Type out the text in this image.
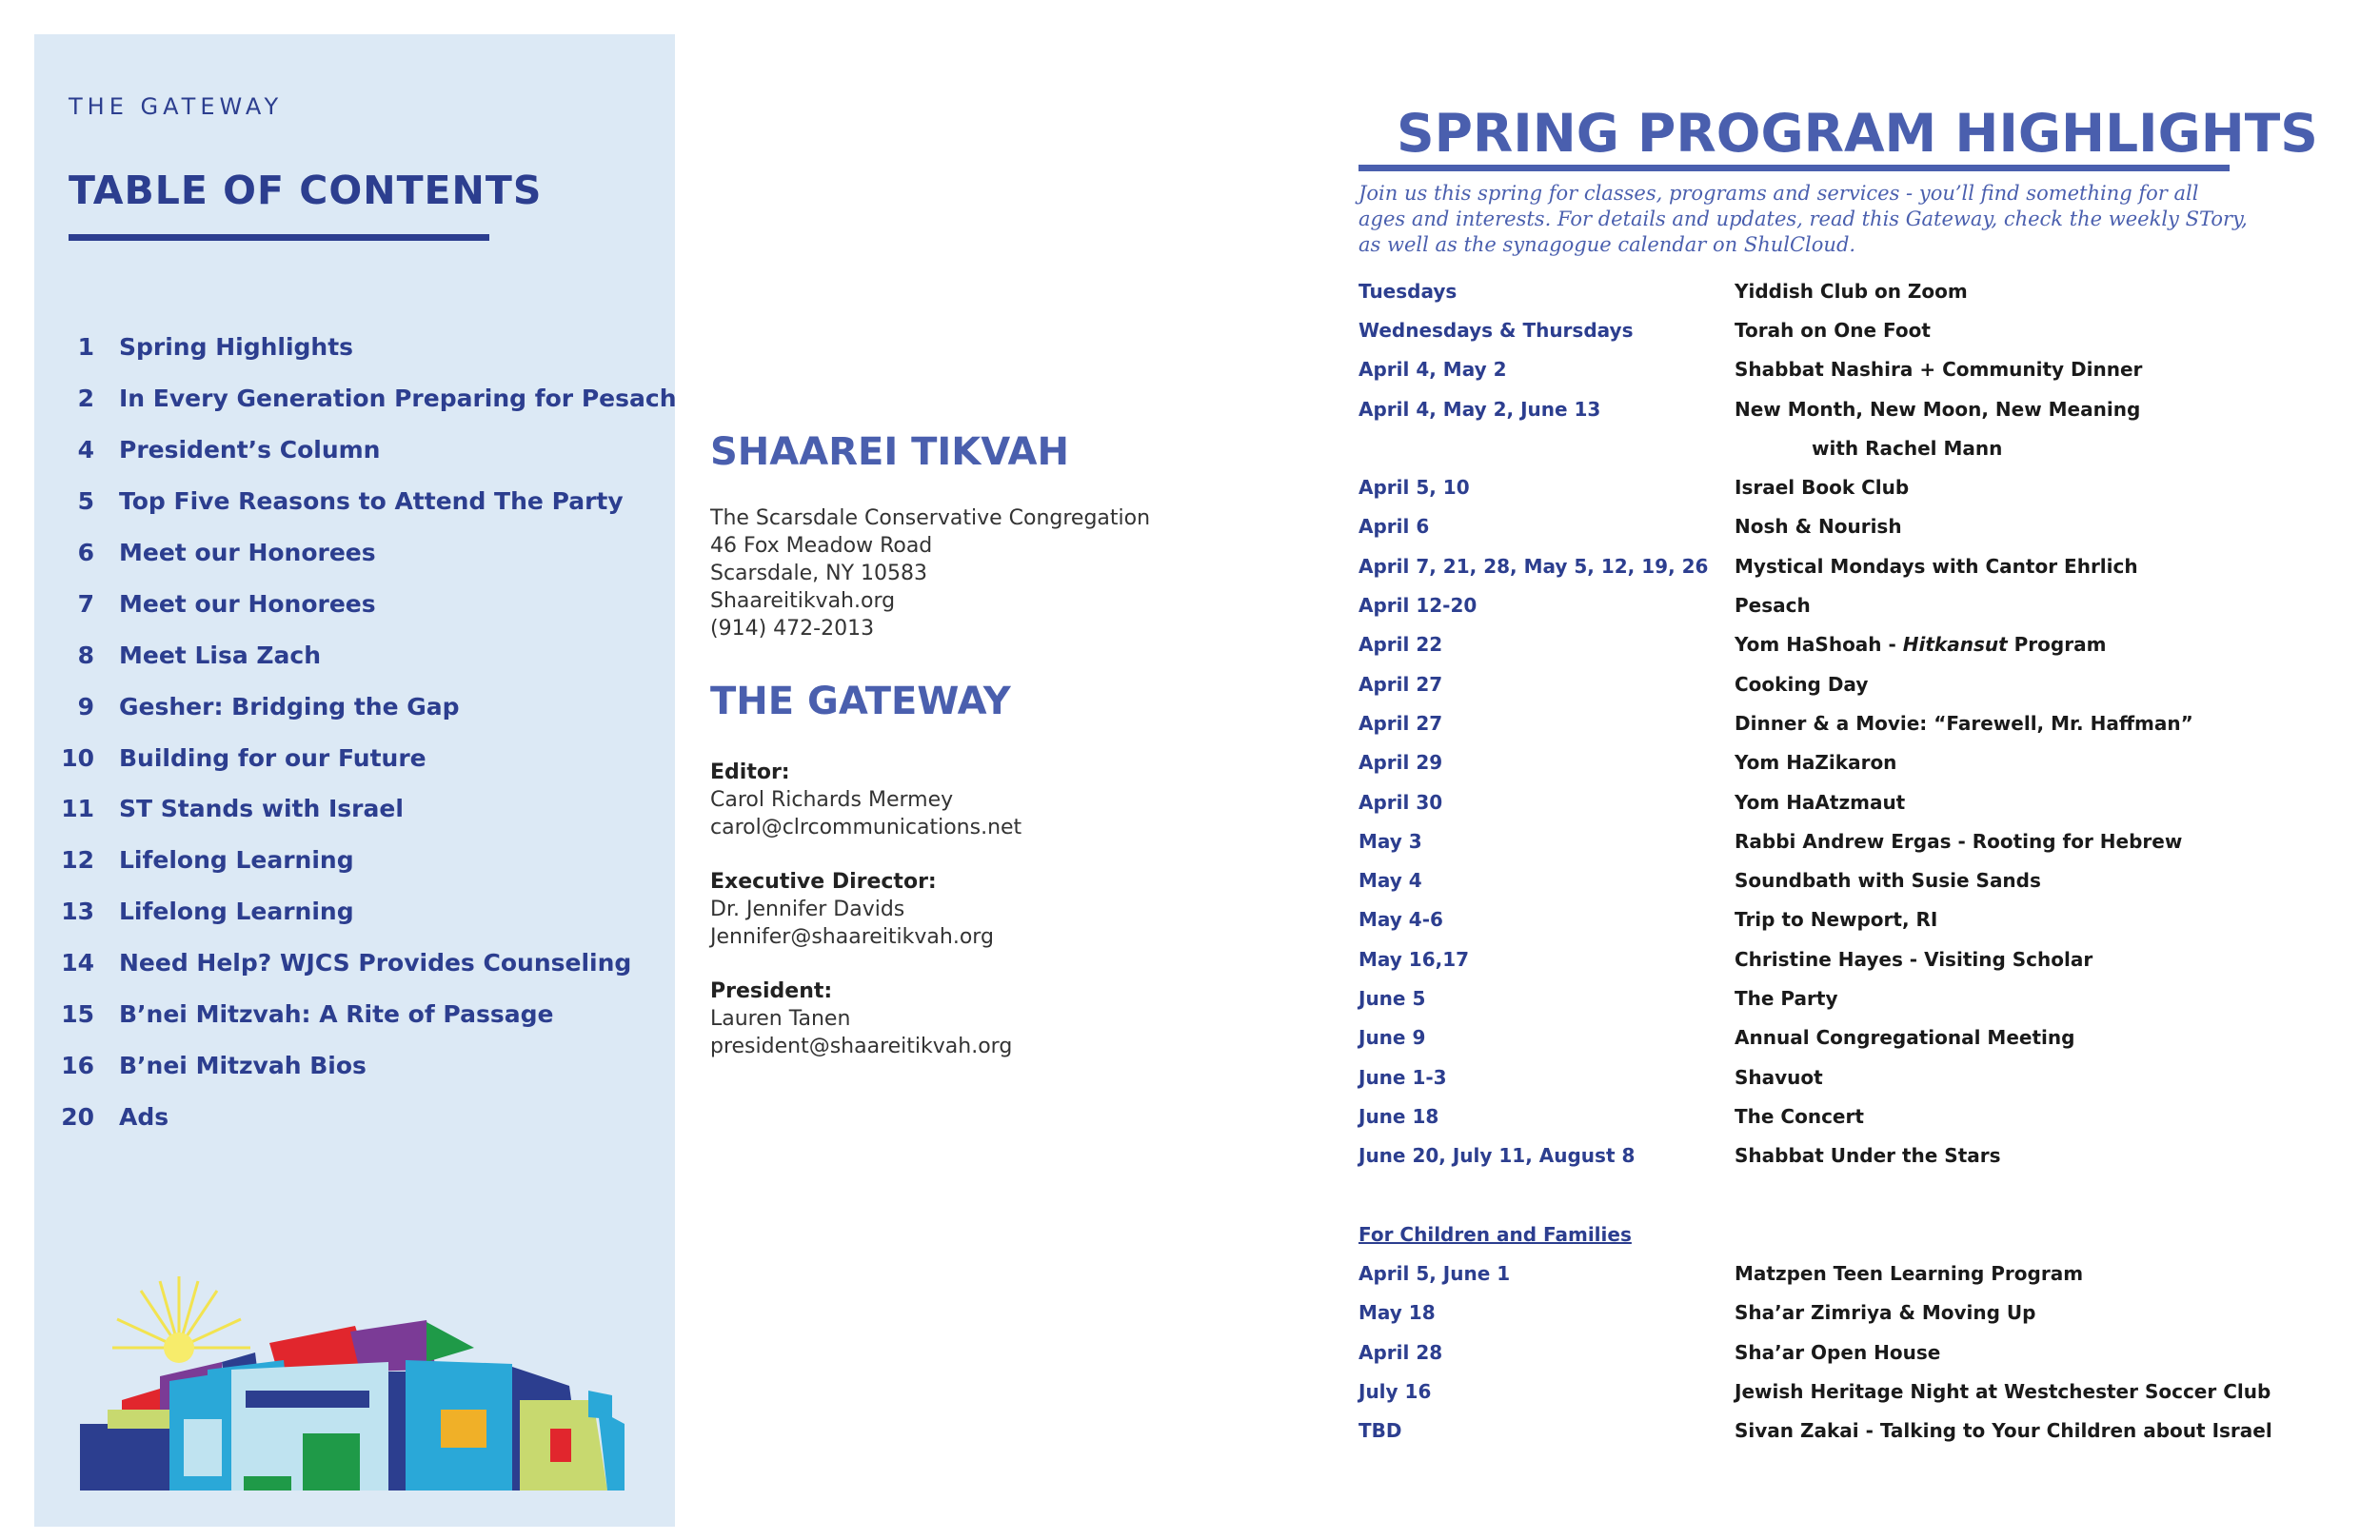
THE GATEWAY
TABLE OF CONTENTS
1 Spring Highlights
2 In Every Generation Preparing for Pesach
4 President’s Column
5 Top Five Reasons to Attend The Party
6 Meet our Honorees
7 Meet our Honorees
8 Meet Lisa Zach
9 Gesher: Bridging the Gap
10 Building for our Future
11 ST Stands with Israel
12 Lifelong Learning
13 Lifelong Learning
14 Need Help? WJCS Provides Counseling
15 B’nei Mitzvah: A Rite of Passage
16 B’nei Mitzvah Bios
20 Ads
SHAAREI TIKVAH
The Scarsdale Conservative Congregation
46 Fox Meadow Road
Scarsdale, NY 10583
Shaareitikvah.org
(914) 472-2013
THE GATEWAY
Editor:
Carol Richards Mermey
carol@clrcommunications.net
Executive Director:
Dr. Jennifer Davids
Jennifer@shaareitikvah.org
President:
Lauren Tanen
president@shaareitikvah.org
SPRING PROGRAM HIGHLIGHTS
Join us this spring for classes, programs and services - you’ll find something for all ages and interests. For details and updates, read this Gateway, check the weekly STory, as well as the synagogue calendar on ShulCloud.
Tuesdays	Yiddish Club on Zoom
Wednesdays & Thursdays	Torah on One Foot
April 4, May 2	Shabbat Nashira + Community Dinner
April 4, May 2, June 13	New Month, New Moon, New Meaning
with Rachel Mann
April 5, 10	Israel Book Club
April 6	Nosh & Nourish
April 7, 21, 28, May 5, 12, 19, 26	Mystical Mondays with Cantor Ehrlich
April 12-20	Pesach
April 22	Yom HaShoah - Hitkansut Program
April 27	Cooking Day
April 27	Dinner & a Movie: “Farewell, Mr. Haffman”
April 29	Yom HaZikaron
April 30	Yom HaAtzmaut
May 3	Rabbi Andrew Ergas - Rooting for Hebrew
May 4	Soundbath with Susie Sands
May 4-6	Trip to Newport, RI
May 16,17	Christine Hayes - Visiting Scholar
June 5	The Party
June 9	Annual Congregational Meeting
June 1-3	Shavuot
June 18	The Concert
June 20, July 11, August 8	Shabbat Under the Stars
For Children and Families
April 5, June 1	Matzpen Teen Learning Program
May 18	Sha’ar Zimriya & Moving Up
April 28	Sha’ar Open House
July 16	Jewish Heritage Night at Westchester Soccer Club
TBD	Sivan Zakai - Talking to Your Children about Israel
